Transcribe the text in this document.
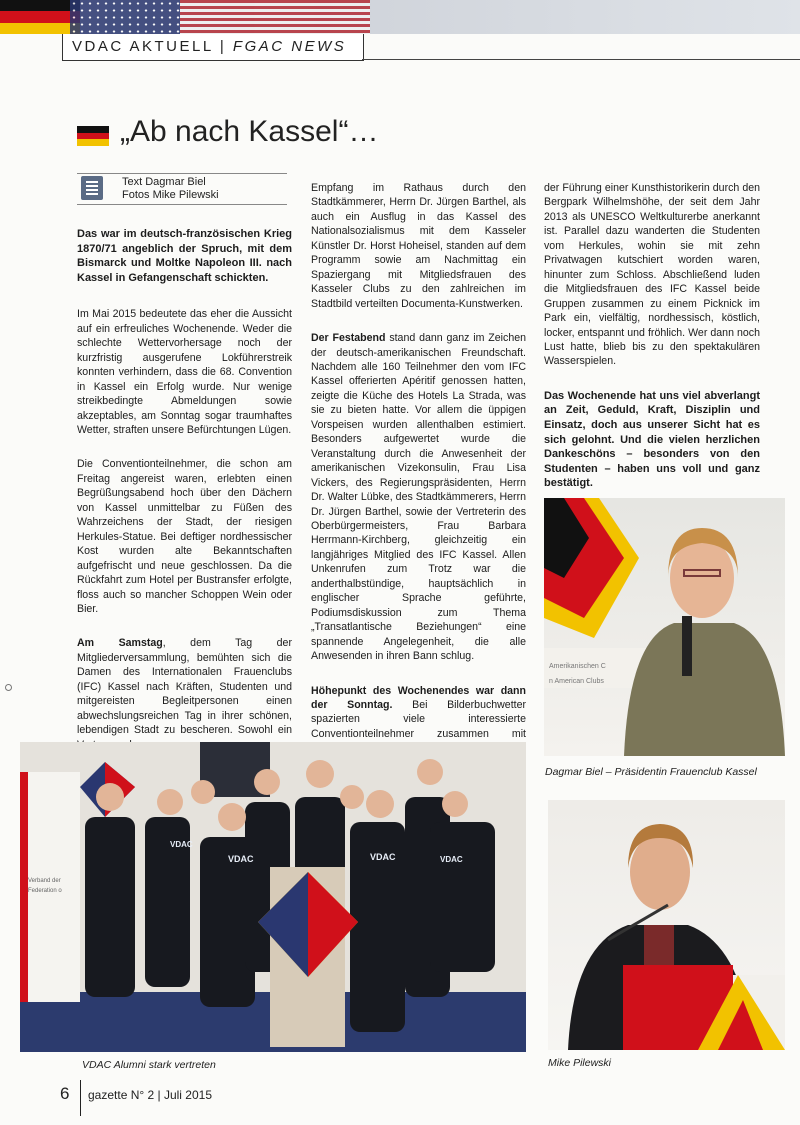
VDAC AKTUELL | FGAC NEWS
„Ab nach Kassel“…
Text Dagmar Biel
Fotos Mike Pilewski

Das war im deutsch-französischen Krieg 1870/71 angeblich der Spruch, mit dem Bismarck und Moltke Napoleon III. nach Kassel in Gefangenschaft schickten.

Im Mai 2015 bedeutete das eher die Aussicht auf ein erfreuliches Wochenende. Weder die schlechte Wettervorhersage noch der kurzfristig ausgerufene Lokführerstreik konnten verhindern, dass die 68. Convention in Kassel ein Erfolg wurde. Nur wenige streikbedingte Abmeldungen sowie akzeptables, am Sonntag sogar traumhaftes Wetter, straften unsere Befürchtungen Lügen.

Die Conventionteilnehmer, die schon am Freitag angereist waren, erlebten einen Begrüßungsabend hoch über den Dächern von Kassel unmittelbar zu Füßen des Wahrzeichens der Stadt, der riesigen Herkules-Statue. Bei deftiger nordhessischer Kost wurden alte Bekanntschaften aufgefrischt und neue geschlossen. Da die Rückfahrt zum Hotel per Bustransfer erfolgte, floss auch so mancher Schoppen Wein oder Bier.

Am Samstag, dem Tag der Mitgliederversammlung, bemühten sich die Damen des Internationalen Frauenclubs (IFC) Kassel nach Kräften, Studenten und mitgereisten Begleitpersonen einen abwechslungsreichen Tag in ihrer schönen, lebendigen Stadt zu bescheren. Sowohl ein

Empfang im Rathaus durch den Stadtkämmerer, Herrn Dr. Jürgen Barthel, als auch ein Ausflug in das Kassel des Nationalsozialismus mit dem Kasseler Künstler Dr. Horst Hoheisel, standen auf dem Programm sowie am Nachmittag ein Spaziergang mit Mitgliedsfrauen des Kasseler Clubs zu den zahlreichen im Stadtbild verteilten Documenta-Kunstwerken.

Der Festabend stand dann ganz im Zeichen der deutsch-amerikanischen Freundschaft. Nachdem alle 160 Teilnehmer den vom IFC Kassel offerierten Apéritif genossen hatten, zeigte die Küche des Hotels La Strada, was sie zu bieten hatte. Vor allem die üppigen Vorspeisen wurden allenthalben estimiert. Besonders aufgewertet wurde die Veranstaltung durch die Anwesenheit der amerikanischen Vizekonsulin, Frau Lisa Vickers, des Regierungspräsidenten, Herrn Dr. Walter Lübke, des Stadtkämmerers, Herrn Dr. Jürgen Barthel, sowie der Vertreterin des Oberbürgermeisters, Frau Barbara Herrmann-Kirchberg, gleichzeitig ein langjähriges Mitglied des IFC Kassel. Allen Unkenrufen zum Trotz war die anderthalbstündige, hauptsächlich in englischer Sprache geführte, Podiumsdiskussion zum Thema „Transatlantische Beziehungen“ eine spannende Angelegenheit, die alle Anwesenden in ihren Bann schlug.

Höhepunkt des Wochenendes war dann der Sonntag. Bei Bilderbuchwetter spazierten viele interessierte Conventionteilnehmer zusammen mit

der Führung einer Kunsthistorikerin durch den Bergpark Wilhelmshöhe, der seit dem Jahr 2013 als UNESCO Weltkulturerbe anerkannt ist. Parallel dazu wanderten die Studenten vom Herkules, wohin sie mit zehn Privatwagen kutschiert worden waren, hinunter zum Schloss. Abschließend luden die Mitgliedsfrauen des IFC Kassel beide Gruppen zusammen zu einem Picknick im Park ein, vielfältig, nordhessisch, köstlich, locker, entspannt und fröhlich. Wer dann noch Lust hatte, blieb bis zu den spektakulären Wasserspielen.

Das Wochenende hat uns viel abverlangt an Zeit, Geduld, Kraft, Disziplin und Einsatz, doch aus unserer Sicht hat es sich gelohnt. Und die vielen herzlichen Dankeschöns – besonders von den Studenten – haben uns voll und ganz bestätigt.

Amerikanischen C
n American Clubs
Dagmar Biel – Präsidentin Frauenclub Kassel
Verband der
Federation o
VDAC
VDAC	VDAC	VDAC
VDAC Alumni stark vertreten	Mike Pilewski
6 gazette N° 2 | Juli 2015
